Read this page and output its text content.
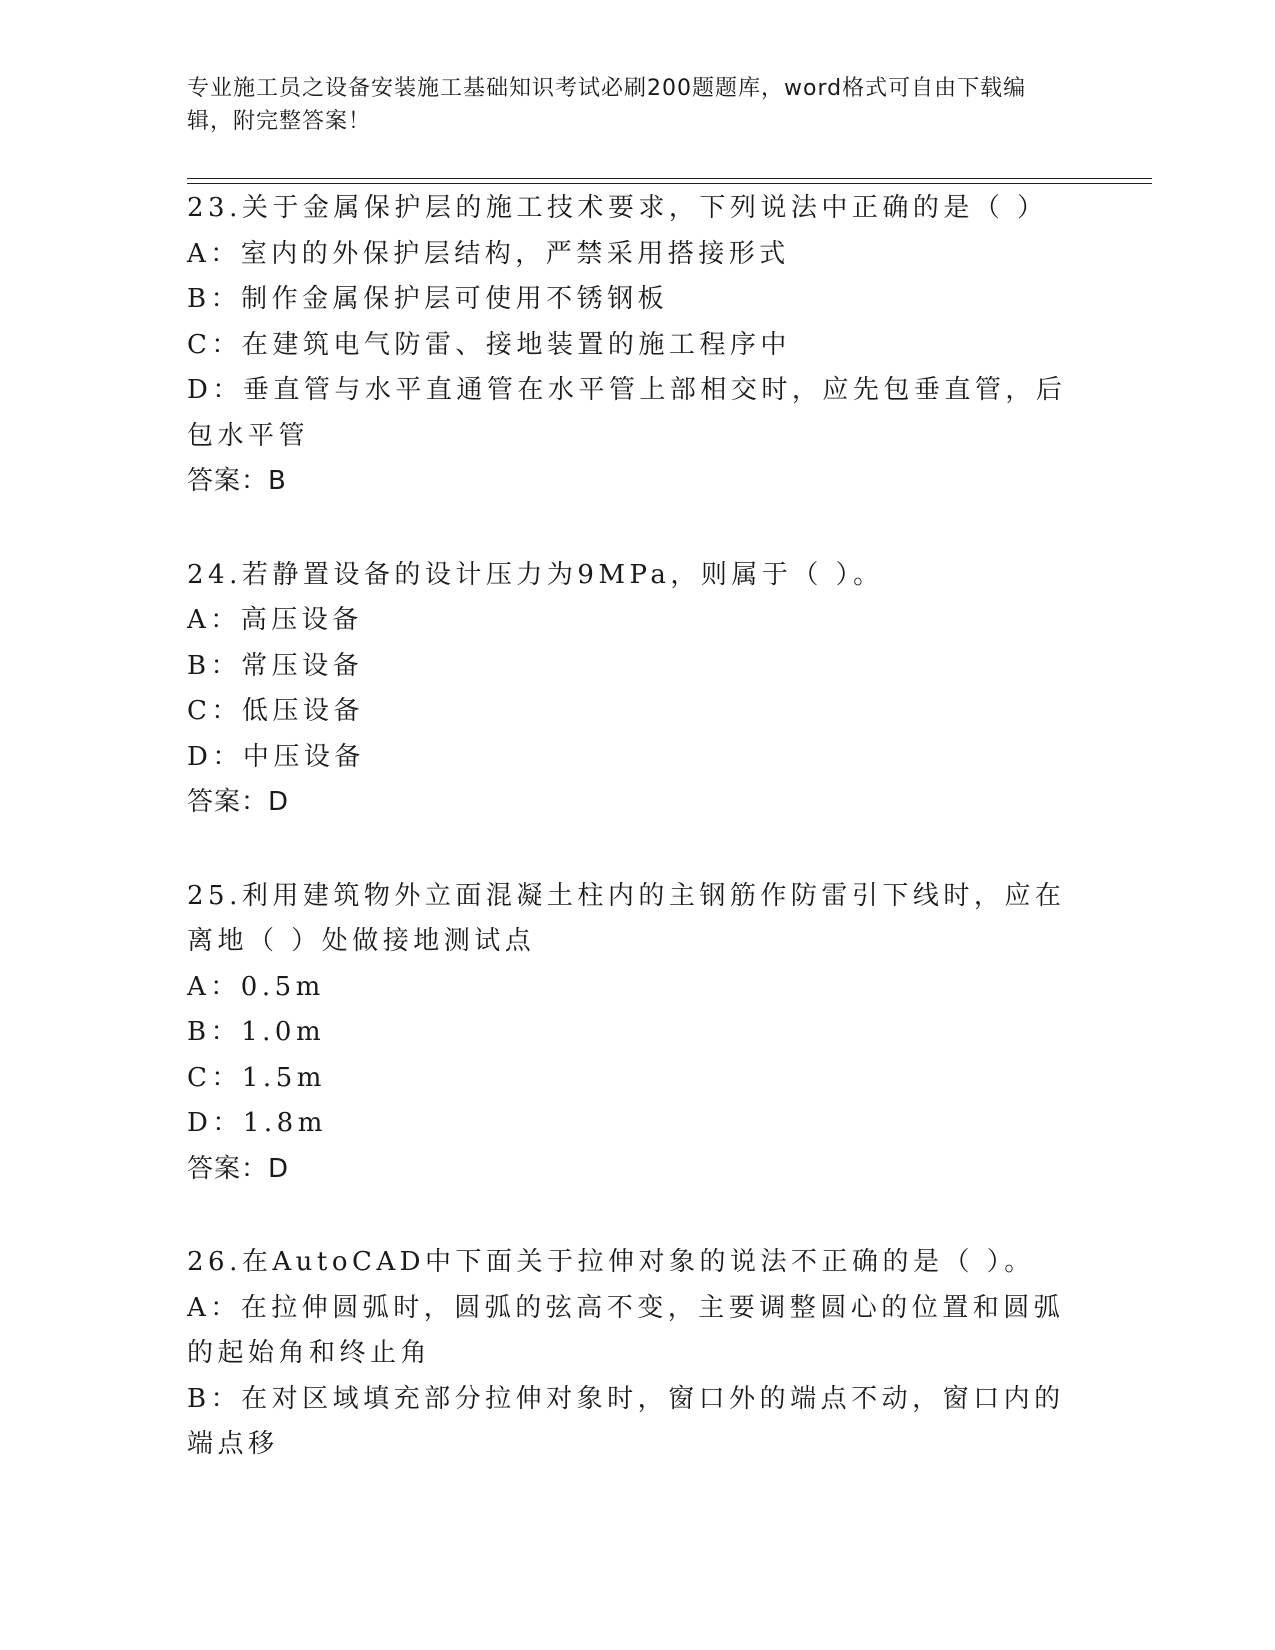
专业施工员之设备安装施工基础知识考试必刷200题题库，word格式可自由下载编辑，附完整答案！

23.关于金属保护层的施工技术要求，下列说法中正确的是（ ）

A：室内的外保护层结构，严禁采用搭接形式

B：制作金属保护层可使用不锈钢板

C：在建筑电气防雷、接地装置的施工程序中

D：垂直管与水平直通管在水平管上部相交时，应先包垂直管，后包水平管

答案：B

24.若静置设备的设计压力为9MPa，则属于（ ）。

A：高压设备

B：常压设备

C：低压设备

D：中压设备

答案：D

25.利用建筑物外立面混凝土柱内的主钢筋作防雷引下线时，应在离地（ ）处做接地测试点

A：0.5m

B：1.0m

C：1.5m

D：1.8m

答案：D

26.在AutoCAD中下面关于拉伸对象的说法不正确的是（ ）。

A：在拉伸圆弧时，圆弧的弦高不变，主要调整圆心的位置和圆弧的起始角和终止角

B：在对区域填充部分拉伸对象时，窗口外的端点不动，窗口内的端点移
